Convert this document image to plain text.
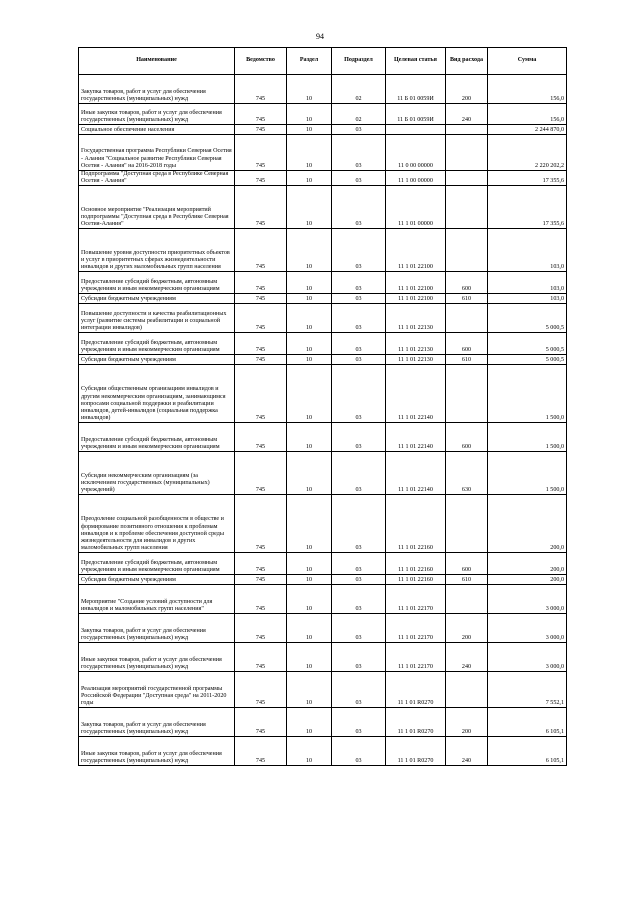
94
Наименование	Ведомство	Раздел	Подраздел	Целевая статья	Вид расхода	Сумма
Закупка товаров, работ и услуг для обеспечения государственных (муниципальных) нужд	745	10	02	11 Б 01 0059И	200	156,0
Иные закупки товаров, работ и услуг для обеспечения государственных (муниципальных) нужд	745	10	02	11 Б 01 0059И	240	156,0
Социальное обеспечение населения	745	10	03			2 244 870,0
Государственная программа Республики Северная Осетия - Алания "Социальное развитие Республики Северная Осетия - Алания" на 2016-2018 годы	745	10	03	11 0 00 00000		2 220 202,2
Подпрограмма "Доступная среда в Республике Северная Осетия - Алания"	745	10	03	11 1 00 00000		17 355,6
Основное мероприятие "Реализация мероприятий подпрограммы "Доступная среда в Республике Северная Осетия-Алания"	745	10	03	11 1 01 00000		17 355,6
Повышение уровня доступности приоритетных объектов и услуг в приоритетных сферах жизнедеятельности инвалидов и других маломобильных групп населения	745	10	03	11 1 01 22100		103,0
Предоставление субсидий бюджетным, автономным учреждениям и иным некоммерческим организациям	745	10	03	11 1 01 22100	600	103,0
Субсидии бюджетным учреждениям	745	10	03	11 1 01 22100	610	103,0
Повышение доступности и качества реабилитационных услуг (развитие системы реабилитации и социальной интеграции инвалидов)	745	10	03	11 1 01 22130		5 000,5
Предоставление субсидий бюджетным, автономным учреждениям и иным некоммерческим организациям	745	10	03	11 1 01 22130	600	5 000,5
Субсидии бюджетным учреждениям	745	10	03	11 1 01 22130	610	5 000,5
Субсидии общественным организациям инвалидов и другим некоммерческим организациям, занимающимся вопросами социальной поддержки и реабилитации инвалидов, детей-инвалидов (социальная поддержка инвалидов)	745	10	03	11 1 01 22140		1 500,0
Предоставление субсидий бюджетным, автономным учреждениям и иным некоммерческим организациям	745	10	03	11 1 01 22140	600	1 500,0
Субсидии некоммерческим организациям (за исключением государственных (муниципальных) учреждений)	745	10	03	11 1 01 22140	630	1 500,0
Преодоление социальной разобщенности в обществе и формирование позитивного отношения к проблемам инвалидов и к проблеме обеспечения доступной среды жизнедеятельности для инвалидов и других маломобильных групп населения	745	10	03	11 1 01 22160		200,0
Предоставление субсидий бюджетным, автономным учреждениям и иным некоммерческим организациям	745	10	03	11 1 01 22160	600	200,0
Субсидии бюджетным учреждениям	745	10	03	11 1 01 22160	610	200,0
Мероприятие "Создание условий доступности для инвалидов и маломобильных групп населения"	745	10	03	11 1 01 22170		3 000,0
Закупка товаров, работ и услуг для обеспечения государственных (муниципальных) нужд	745	10	03	11 1 01 22170	200	3 000,0
Иные закупки товаров, работ и услуг для обеспечения государственных (муниципальных) нужд	745	10	03	11 1 01 22170	240	3 000,0
Реализация мероприятий государственной программы Российской Федерации "Доступная среда" на 2011-2020 годы	745	10	03	11 1 01 R0270		7 552,1
Закупка товаров, работ и услуг для обеспечения государственных (муниципальных) нужд	745	10	03	11 1 01 R0270	200	6 105,1
Иные закупки товаров, работ и услуг для обеспечения государственных (муниципальных) нужд	745	10	03	11 1 01 R0270	240	6 105,1
